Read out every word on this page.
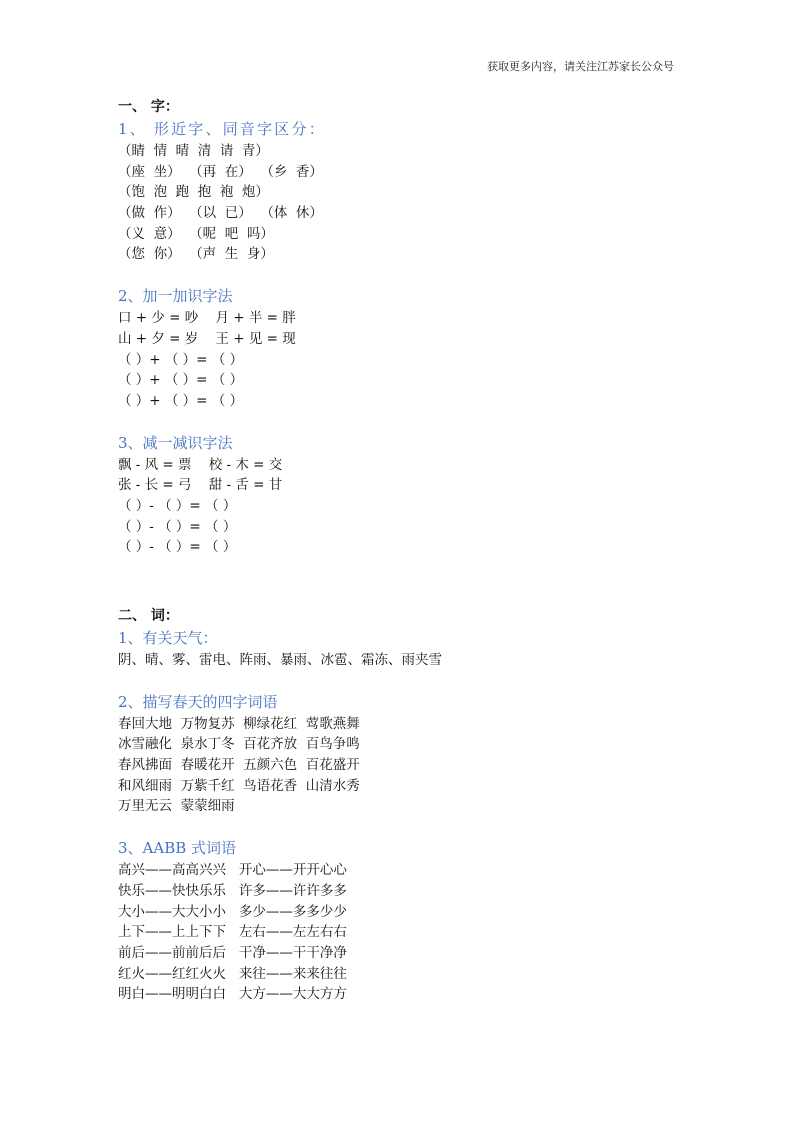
获取更多内容，请关注江苏家长公众号
一、 字：
1、 形近字、同音字区分：
（睛  情  晴  清  请  青）
（座  坐）  （再  在）  （乡  香）
（饱  泡  跑  抱  袍  炮）
（做  作）  （以  已）  （体  休）
（义  意）  （呢  吧  吗）
（您  你）  （声  生  身）
2、加一加识字法
口 + 少 = 吵    月 + 半 = 胖
山 + 夕 = 岁    王 + 见 = 现
（ ）+ （ ）= （ ）
（ ）+ （ ）= （ ）
（ ）+ （ ）= （ ）
3、减一减识字法
飘 - 风 = 票    校 - 木 = 交
张 - 长 = 弓    甜 - 舌 = 甘
（ ）- （ ）= （ ）
（ ）- （ ）= （ ）
（ ）- （ ）= （ ）
二、 词：
1、有关天气：
阴、晴、雾、雷电、阵雨、暴雨、冰雹、霜冻、雨夹雪
2、描写春天的四字词语
春回大地  万物复苏  柳绿花红  莺歌燕舞
冰雪融化  泉水丁冬  百花齐放  百鸟争鸣
春风拂面  春暖花开  五颜六色  百花盛开
和风细雨  万紫千红  鸟语花香  山清水秀
万里无云  蒙蒙细雨
3、AABB 式词语
高兴——高高兴兴   开心——开开心心
快乐——快快乐乐   许多——许许多多
大小——大大小小   多少——多多少少
上下——上上下下   左右——左左右右
前后——前前后后   干净——干干净净
红火——红红火火   来往——来来往往
明白——明明白白   大方——大大方方
